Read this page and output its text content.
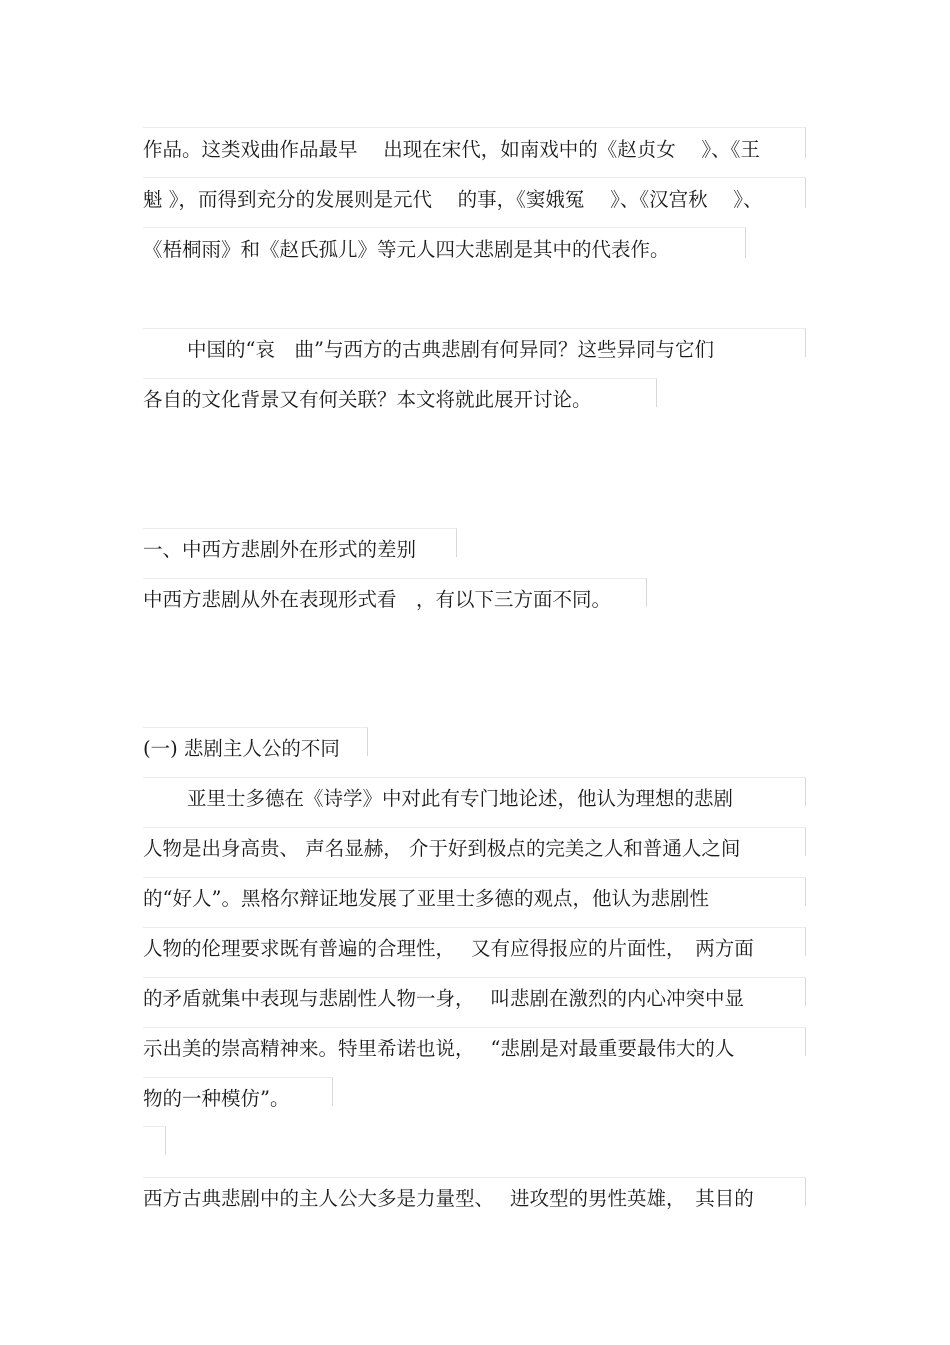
作品。这类戏曲作品最早　 出现在宋代，如南戏中的《赵贞女　 》、《王
魁 》，而得到充分的发展则是元代　 的事，《窦娥冤　 》、《汉宫秋　 》、
《梧桐雨》和《赵氏孤儿》等元人四大悲剧是其中的代表作。
中国的“哀　曲”与西方的古典悲剧有何异同？这些异同与它们
各自的文化背景又有何关联？本文将就此展开讨论。
一、中西方悲剧外在形式的差别
中西方悲剧从外在表现形式看　，有以下三方面不同。
(一) 悲剧主人公的不同
亚里士多德在《诗学》中对此有专门地论述，他认为理想的悲剧
人物是出身高贵、 声名显赫， 介于好到极点的完美之人和普通人之间
的“好人”。黑格尔辩证地发展了亚里士多德的观点，他认为悲剧性
人物的伦理要求既有普遍的合理性，　 又有应得报应的片面性，　两方面
的矛盾就集中表现与悲剧性人物一身，　 叫悲剧在激烈的内心冲突中显
示出美的崇高精神来。特里希诺也说，　 “悲剧是对最重要最伟大的人
物的一种模仿”。
西方古典悲剧中的主人公大多是力量型、　 进攻型的男性英雄，　其目的
